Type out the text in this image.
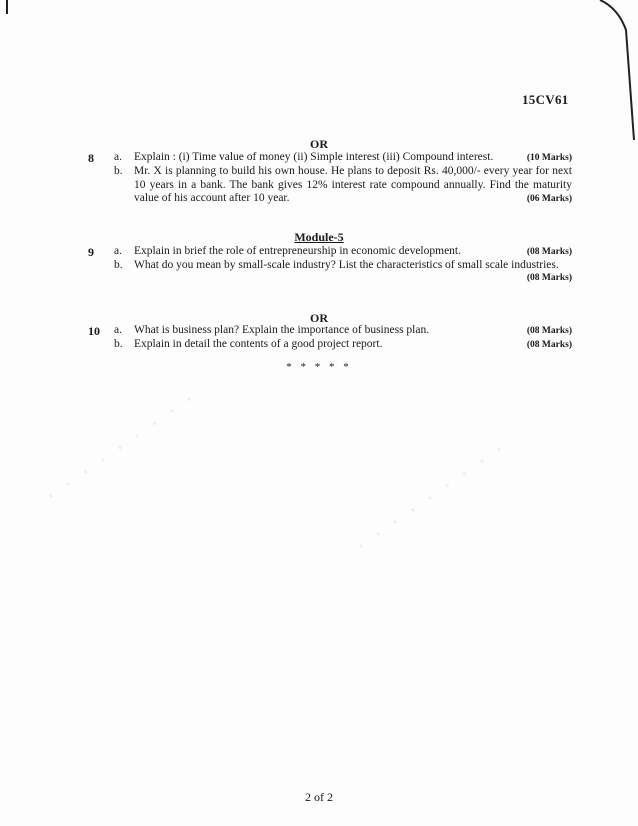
· · · · · · · · ·	· · · · · · · · ·
15CV61
OR
8 a. Explain : (i) Time value of money (ii) Simple interest (iii) Compound interest.	(10 Marks)
b. Mr. X is planning to build his own house. He plans to deposit Rs. 40,000/- every year for next 10 years in a bank. The bank gives 12% interest rate compound annually. Find the maturity value of his account after 10 year.	(06 Marks)
Module-5
9 a. Explain in brief the role of entrepreneurship in economic development.	(08 Marks)
b. What do you mean by small-scale industry? List the characteristics of small scale industries.
(08 Marks)
OR
10 a. What is business plan? Explain the importance of business plan.	(08 Marks)
b. Explain in detail the contents of a good project report.	(08 Marks)
* * * * *
2 of 2
